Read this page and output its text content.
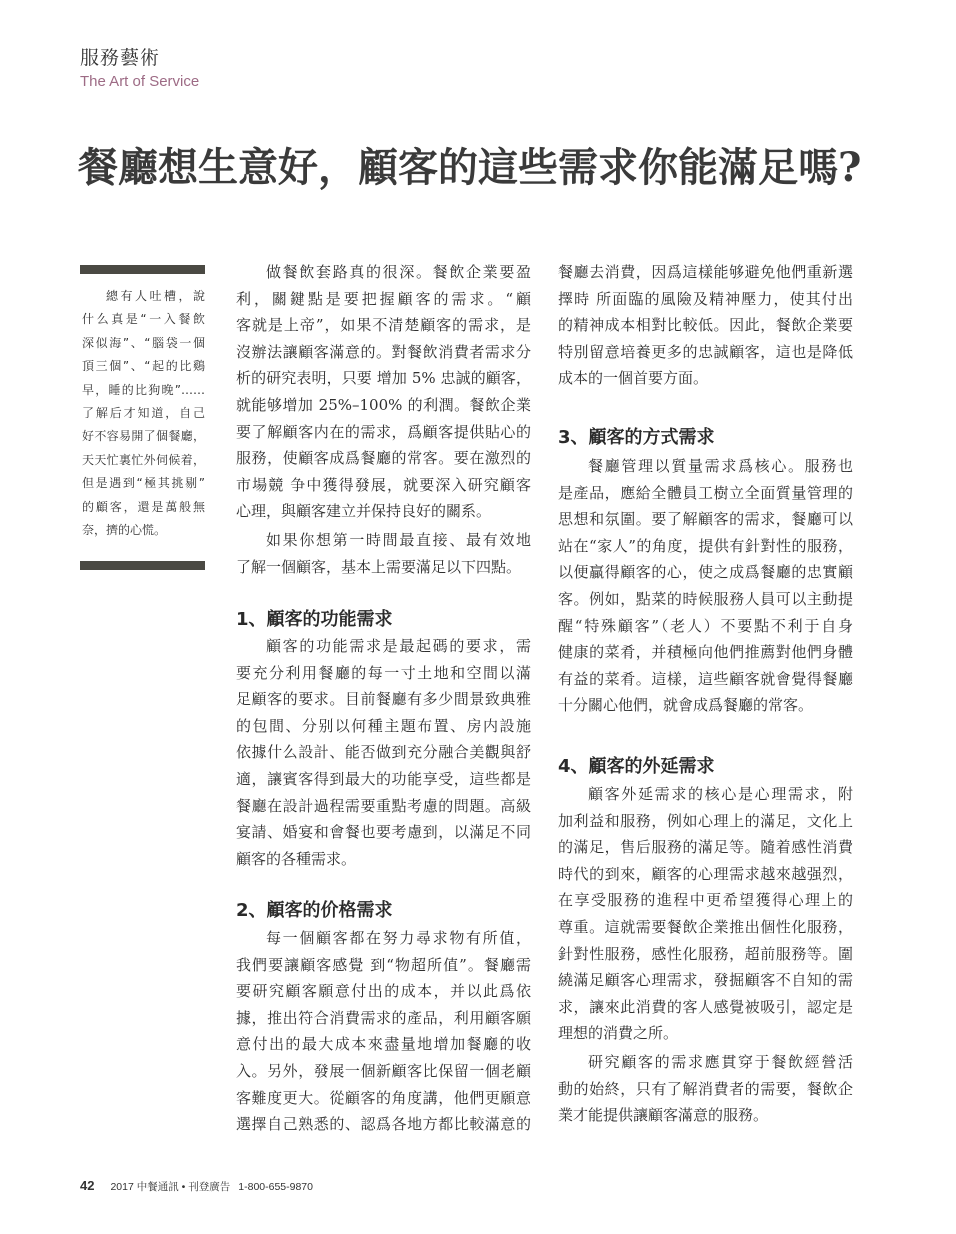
服務藝術
The Art of Service
餐廳想生意好，顧客的這些需求你能滿足嗎?
總有人吐槽，說
什么真是“一入餐飲
深似海”、“腦袋一個
頂三個”、“起的比鷄
早，睡的比狗晚”……
了解后才知道，自己
好不容易開了個餐廳，
天天忙裏忙外伺候着，
但是遇到“極其挑剔”
的顧客，還是萬般無
奈，擠的心慌。
做餐飲套路真的很深。餐飲企業要盈
利，關鍵點是要把握顧客的需求。“顧
客就是上帝”，如果不清楚顧客的需求，是
沒辦法讓顧客滿意的。對餐飲消費者需求分
析的研究表明，只要 增加 5% 忠誠的顧客，
就能够增加 25%–100% 的利潤。餐飲企業
要了解顧客内在的需求，爲顧客提供貼心的
服務，使顧客成爲餐廳的常客。要在激烈的
市場競 争中獲得發展，就要深入研究顧客
心理，與顧客建立并保持良好的關系。
如果你想第一時間最直接、最有效地
了解一個顧客，基本上需要滿足以下四點。
1、顧客的功能需求
顧客的功能需求是最起碼的要求，需
要充分利用餐廳的每一寸土地和空間以滿
足顧客的要求。目前餐廳有多少間景致典雅
的包間、分别以何種主題布置、房内設施
依據什么設計、能否做到充分融合美觀與舒
適，讓賓客得到最大的功能享受，這些都是
餐廳在設計過程需要重點考慮的問題。高級
宴請、婚宴和會餐也要考慮到，以滿足不同
顧客的各種需求。
2、顧客的价格需求
每一個顧客都在努力尋求物有所值，
我們要讓顧客感覺 到“物超所值”。餐廳需
要研究顧客願意付出的成本，并以此爲依
據，推出符合消費需求的產品，利用顧客願
意付出的最大成本來盡量地增加餐廳的收
入。另外，發展一個新顧客比保留一個老顧
客難度更大。從顧客的角度講，他們更願意
選擇自己熟悉的、認爲各地方都比較滿意的
餐廳去消費，因爲這樣能够避免他們重新選
擇時 所面臨的風險及精神壓力，使其付出
的精神成本相對比較低。因此，餐飲企業要
特別留意培養更多的忠誠顧客，這也是降低
成本的一個首要方面。
3、顧客的方式需求
餐廳管理以質量需求爲核心。服務也
是產品，應給全體員工樹立全面質量管理的
思想和氛圍。要了解顧客的需求，餐廳可以
站在“家人”的角度，提供有針對性的服務，
以便贏得顧客的心，使之成爲餐廳的忠實顧
客。例如，點菜的時候服務人員可以主動提
醒“特殊顧客”（老人）不要點不利于自身
健康的菜肴，并積極向他們推薦對他們身體
有益的菜肴。這樣，這些顧客就會覺得餐廳
十分關心他們，就會成爲餐廳的常客。
4、顧客的外延需求
顧客外延需求的核心是心理需求，附
加利益和服務，例如心理上的滿足，文化上
的滿足，售后服務的滿足等。隨着感性消費
時代的到來，顧客的心理需求越來越强烈，
在享受服務的進程中更希望獲得心理上的
尊重。這就需要餐飲企業推出個性化服務，
針對性服務，感性化服務，超前服務等。圍
繞滿足顧客心理需求，發掘顧客不自知的需
求，讓來此消費的客人感覺被吸引，認定是
理想的消費之所。
研究顧客的需求應貫穿于餐飲經營活
動的始終，只有了解消費者的需要，餐飲企
業才能提供讓顧客滿意的服務。
42 2017 中餐通訊 • 刊登廣告 1-800-655-9870
